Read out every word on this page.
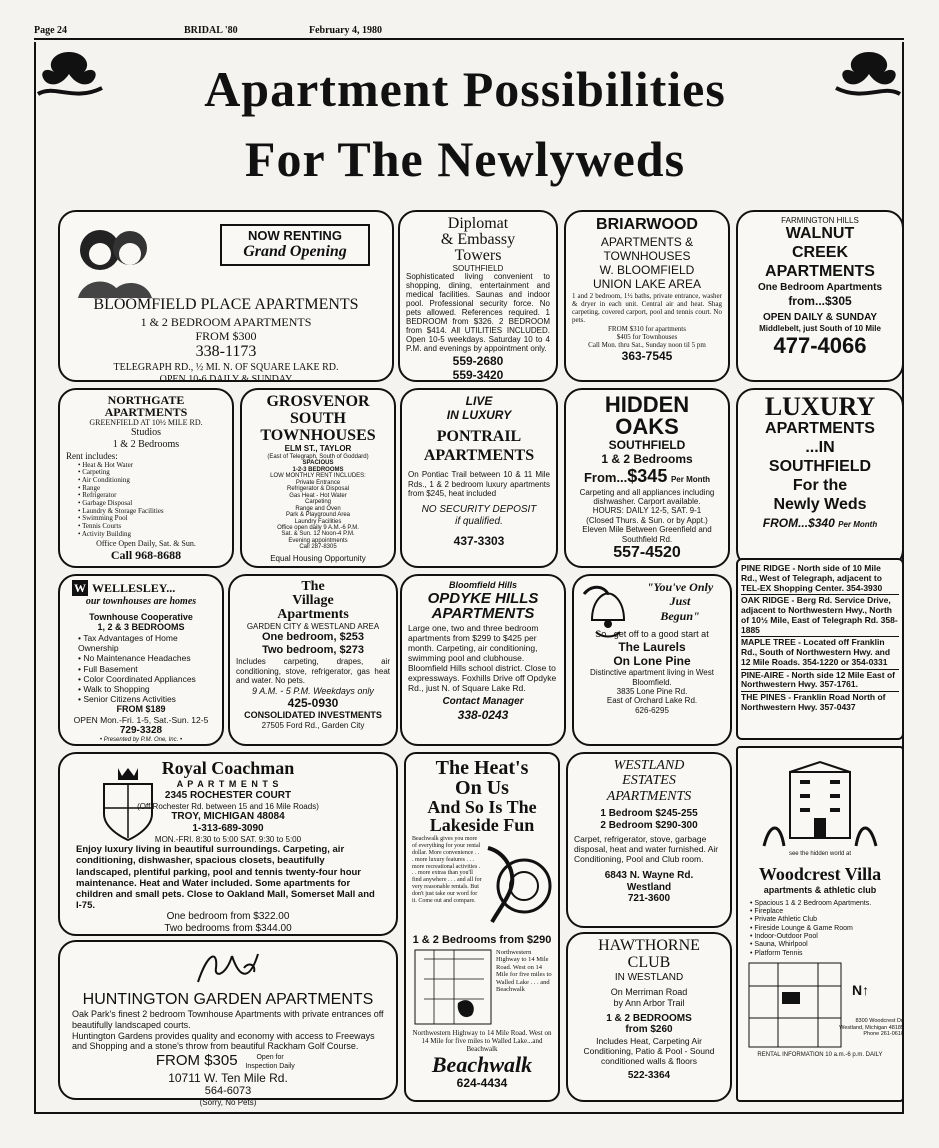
Page 24	BRIDAL '80	February 4, 1980
Apartment Possibilities
For The Newlyweds
NOW RENTING
Grand Opening
BLOOMFIELD PLACE APARTMENTS
1 & 2 BEDROOM APARTMENTS
FROM $300
338-1173
TELEGRAPH RD., ½ MI. N. OF SQUARE LAKE RD.
OPEN 10-6 DAILY & SUNDAY
Diplomat
& Embassy
Towers
SOUTHFIELD
Sophisticated living convenient to shopping, dining, entertainment and medical facilities. Saunas and indoor pool. Professional security force. No pets allowed. References required. 1 BEDROOM from $326. 2 BEDROOM from $414. All UTILITIES INCLUDED. Open 10-5 weekdays. Saturday 10 to 4 P.M. and evenings by appointment only.
559-2680
559-3420
BRIARWOOD
APARTMENTS &
TOWNHOUSES
W. BLOOMFIELD
UNION LAKE AREA
1 and 2 bedroom, 1½ baths, private entrance, washer & dryer in each unit. Central air and heat. Shag carpeting, covered carport, pool and tennis court. No pets.
FROM $310 for apartments
$405 for Townhouses
Call Mon. thru Sat., Sunday noon til 5 pm
363-7545
FARMINGTON HILLS
WALNUT
CREEK
APARTMENTS
One Bedroom Apartments
from...$305
OPEN DAILY & SUNDAY
Middlebelt, just South of 10 Mile
477-4066
NORTHGATE
APARTMENTS
GREENFIELD AT 10½ MILE RD.
Studios
1 & 2 Bedrooms
Rent includes:
• Heat & Hot Water
• Carpeting
• Air Conditioning
• Range
• Refrigerator
• Garbage Disposal
• Laundry & Storage Facilities
• Swimming Pool
• Tennis Courts
• Activity Building
Office Open Daily, Sat. & Sun.
Call 968-8688
GROSVENOR
SOUTH
TOWNHOUSES
ELM ST., TAYLOR
(East of Telegraph, South of Goddard)
SPACIOUS
1-2-3 BEDROOMS
LOW MONTHLY RENT INCLUDES:
Private Entrance
Refrigerator & Disposal
Gas Heat - Hot Water
Carpeting
Range and Oven
Park & Playground Area
Laundry Facilities
Office open daily 9 A.M.-6 P.M.
Sat. & Sun. 12 Noon-4 P.M.
Evening appointments
Call 287-8305
Equal Housing Opportunity
LIVE
IN LUXURY
PONTRAIL
APARTMENTS
On Pontiac Trail between 10 & 11 Mile Rds., 1 & 2 bedroom luxury apartments from $245, heat included
NO SECURITY DEPOSIT
if qualified.
437-3303
HIDDEN
OAKS
SOUTHFIELD
1 & 2 Bedrooms
From...$345 Per Month
Carpeting and all appliances including dishwasher. Carport available.
HOURS: DAILY 12-5, SAT. 9-1
(Closed Thurs. & Sun. or by Appt.)
Eleven Mile Between Greenfield and Southfield Rd.
557-4520
LUXURY
APARTMENTS
...IN
SOUTHFIELD
For the
Newly Weds
FROM...$340 Per Month
PINE RIDGE - North side of 10 Mile Rd., West of Telegraph, adjacent to TEL-EX Shopping Center. 354-3930
OAK RIDGE - Berg Rd. Service Drive, adjacent to Northwestern Hwy., North of 10½ Mile, East of Telegraph Rd. 358-1885
MAPLE TREE - Located off Franklin Rd., South of Northwestern Hwy. and 12 Mile Roads. 354-1220 or 354-0331
PINE-AIRE - North side 12 Mile East of Northwestern Hwy. 357-1761.
THE PINES - Franklin Road North of Northwestern Hwy. 357-0437
W WELLESLEY...
our townhouses are homes
Townhouse Cooperative
1, 2 & 3 BEDROOMS
• Tax Advantages of Home Ownership
• No Maintenance Headaches
• Full Basement
• Color Coordinated Appliances
• Walk to Shopping
• Senior Citizens Activities
FROM $189
OPEN Mon.-Fri. 1-5, Sat.-Sun. 12-5
729-3328
• Presented by P.M. One, Inc. •
The
Village
Apartments
GARDEN CITY & WESTLAND AREA
One bedroom, $253
Two bedroom, $273
Includes carpeting, drapes, air conditioning, stove, refrigerator, gas heat and water. No pets.
9 A.M. - 5 P.M. Weekdays only
425-0930
CONSOLIDATED INVESTMENTS
27505 Ford Rd., Garden City
Bloomfield Hills
OPDYKE HILLS
APARTMENTS
Large one, two and three bedroom apartments from $299 to $425 per month. Carpeting, air conditioning, swimming pool and clubhouse. Bloomfield Hills school district. Close to expressways. Foxhills Drive off Opdyke Rd., just N. of Square Lake Rd.
Contact Manager
338-0243
"You've Only
Just
Begun"
So...get off to a good start at
The Laurels
On Lone Pine
Distinctive apartment living in West Bloomfield.
3835 Lone Pine Rd.
East of Orchard Lake Rd.
626-6295
Royal Coachman
A P A R T M E N T S
2345 ROCHESTER COURT
(Off Rochester Rd. between 15 and 16 Mile Roads)
TROY, MICHIGAN 48084
1-313-689-3090
MON.-FRI. 8:30 to 5:00 SAT. 9:30 to 5:00
Enjoy luxury living in beautiful surroundings. Carpeting, air conditioning, dishwasher, spacious closets, beautifully landscaped, plentiful parking, pool and tennis twenty-four hour maintenance. Heat and Water included. Some apartments for children and small pets. Close to Oakland Mall, Somerset Mall and I-75.
One bedroom from $322.00
Two bedrooms from $344.00
HUNTINGTON GARDEN APARTMENTS
Oak Park's finest 2 bedroom Townhouse Apartments with private entrances off beautifully landscaped courts.
Huntington Gardens provides quality and economy with access to Freeways and Shopping and a stone's throw from beautiful Rackham Golf Course.
FROM $305	Open for Inspection Daily
10711 W. Ten Mile Rd.
564-6073
(Sorry, No Pets)
The Heat's
On Us
And So Is The
Lakeside Fun
Beachwalk gives you more of everything for your rental dollar. More convenience . . . more luxury features . . . more recreational activities . . . more extras than you'll find anywhere . . . and all for very reasonable rentals. But don't just take our word for it. Come out and compare.
1 & 2 Bedrooms from $290
Northwestern Highway to 14 Mile Road. West on 14 Mile for five miles to Walled Lake . . . and Beachwalk
Northwestern Highway to 14 Mile Road. West on 14 Mile for five miles to Walled Lake...and Beachwalk
Beachwalk
624-4434
WESTLAND
ESTATES
APARTMENTS
1 Bedroom $245-255
2 Bedroom $290-300
Carpet, refrigerator, stove, garbage disposal, heat and water furnished. Air Conditioning, Pool and Club room.
6843 N. Wayne Rd.
Westland
721-3600
HAWTHORNE
CLUB
IN WESTLAND
On Merriman Road
by Ann Arbor Trail
1 & 2 BEDROOMS
from $260
Includes Heat, Carpeting Air Conditioning, Patio & Pool - Sound conditioned walls & floors
522-3364
see the hidden world at
Woodcrest Villa
apartments & athletic club
• Spacious 1 & 2 Bedroom Apartments.
• Fireplace
• Private Athletic Club
• Fireside Lounge & Game Room
• Indoor-Outdoor Pool
• Sauna, Whirlpool
• Platform Tennis
N↑
8300 Woodcrest Dr.
Westland, Michigan 48185
Phone 261-0610
RENTAL INFORMATION 10 a.m.-6 p.m. DAILY
